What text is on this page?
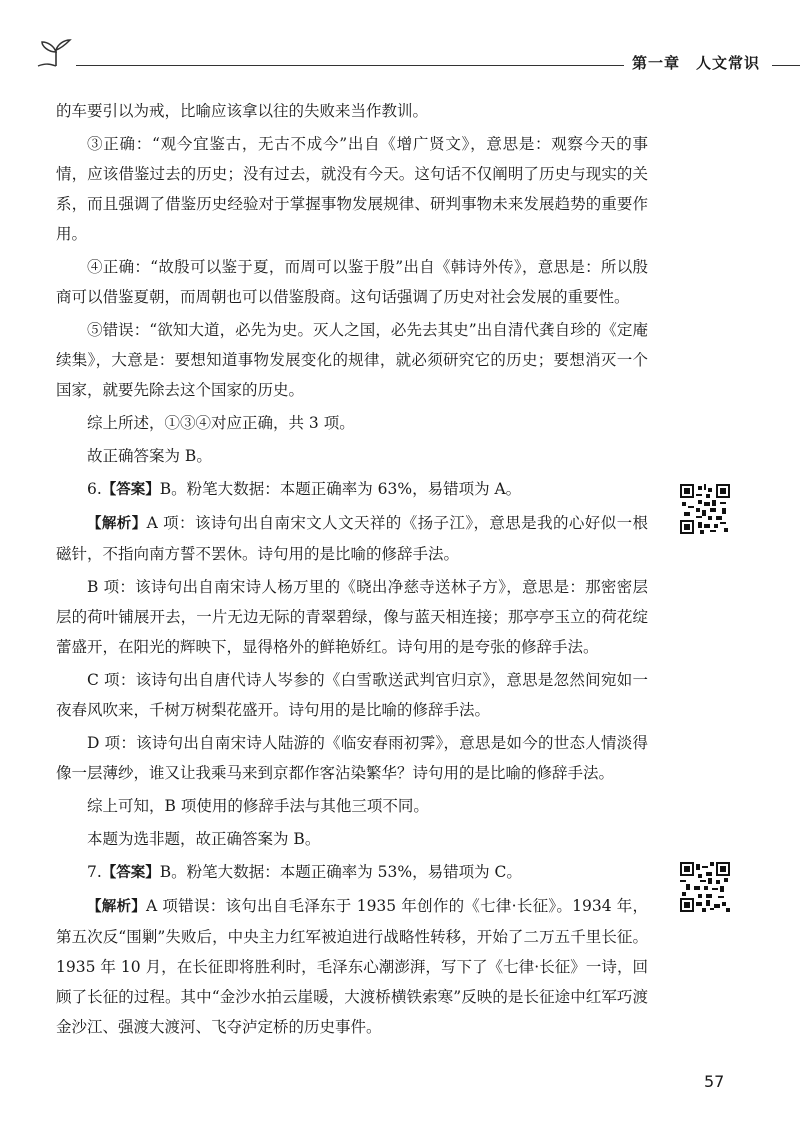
第一章　人文常识

的车要引以为戒，比喻应该拿以往的失败来当作教训。

③正确：“观今宜鉴古，无古不成今”出自《增广贤文》，意思是：观察今天的事情，应该借鉴过去的历史；没有过去，就没有今天。这句话不仅阐明了历史与现实的关系，而且强调了借鉴历史经验对于掌握事物发展规律、研判事物未来发展趋势的重要作用。

④正确：“故殷可以鉴于夏，而周可以鉴于殷”出自《韩诗外传》，意思是：所以殷商可以借鉴夏朝，而周朝也可以借鉴殷商。这句话强调了历史对社会发展的重要性。

⑤错误：“欲知大道，必先为史。灭人之国，必先去其史”出自清代龚自珍的《定庵续集》，大意是：要想知道事物发展变化的规律，就必须研究它的历史；要想消灭一个国家，就要先除去这个国家的历史。

综上所述，①③④对应正确，共 3 项。

故正确答案为 B。

6.【答案】B。粉笔大数据：本题正确率为 63%，易错项为 A。

【解析】A 项：该诗句出自南宋文人文天祥的《扬子江》，意思是我的心好似一根磁针，不指向南方誓不罢休。诗句用的是比喻的修辞手法。

B 项：该诗句出自南宋诗人杨万里的《晓出净慈寺送林子方》，意思是：那密密层层的荷叶铺展开去，一片无边无际的青翠碧绿，像与蓝天相连接；那亭亭玉立的荷花绽蕾盛开，在阳光的辉映下，显得格外的鲜艳娇红。诗句用的是夸张的修辞手法。

C 项：该诗句出自唐代诗人岑参的《白雪歌送武判官归京》，意思是忽然间宛如一夜春风吹来，千树万树梨花盛开。诗句用的是比喻的修辞手法。

D 项：该诗句出自南宋诗人陆游的《临安春雨初霁》，意思是如今的世态人情淡得像一层薄纱，谁又让我乘马来到京都作客沾染繁华？诗句用的是比喻的修辞手法。

综上可知，B 项使用的修辞手法与其他三项不同。

本题为选非题，故正确答案为 B。

7.【答案】B。粉笔大数据：本题正确率为 53%，易错项为 C。

【解析】A 项错误：该句出自毛泽东于 1935 年创作的《七律·长征》。1934 年，第五次反“围剿”失败后，中央主力红军被迫进行战略性转移，开始了二万五千里长征。1935 年 10 月，在长征即将胜利时，毛泽东心潮澎湃，写下了《七律·长征》一诗，回顾了长征的过程。其中“金沙水拍云崖暖，大渡桥横铁索寒”反映的是长征途中红军巧渡金沙江、强渡大渡河、飞夺泸定桥的历史事件。

57
